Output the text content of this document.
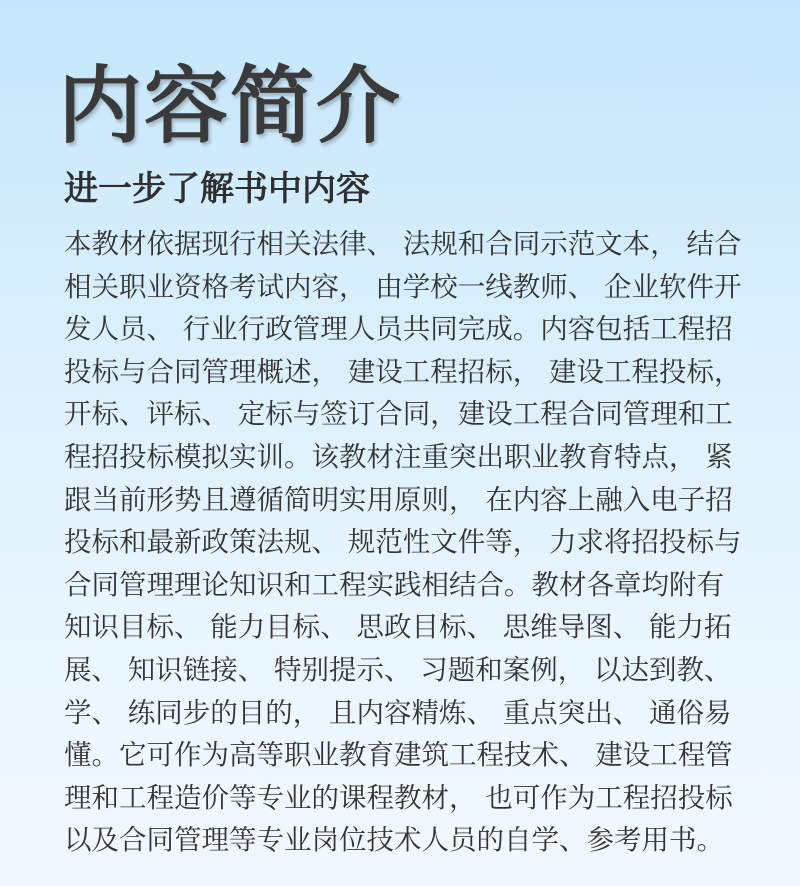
内容简介
进一步了解书中内容
本教材依据现行相关法律、 法规和合同示范文本， 结合
相关职业资格考试内容， 由学校一线教师、 企业软件开
发人员、 行业行政管理人员共同完成。内容包括工程招
投标与合同管理概述， 建设工程招标， 建设工程投标，
开标、评标、 定标与签订合同，建设工程合同管理和工
程招投标模拟实训。该教材注重突出职业教育特点， 紧
跟当前形势且遵循简明实用原则， 在内容上融入电子招
投标和最新政策法规、 规范性文件等， 力求将招投标与
合同管理理论知识和工程实践相结合。教材各章均附有
知识目标、 能力目标、 思政目标、 思维导图、 能力拓
展、 知识链接、 特别提示、 习题和案例， 以达到教、
学、 练同步的目的， 且内容精炼、 重点突出、 通俗易
懂。它可作为高等职业教育建筑工程技术、 建设工程管
理和工程造价等专业的课程教材， 也可作为工程招投标
以及合同管理等专业岗位技术人员的自学、参考用书。
